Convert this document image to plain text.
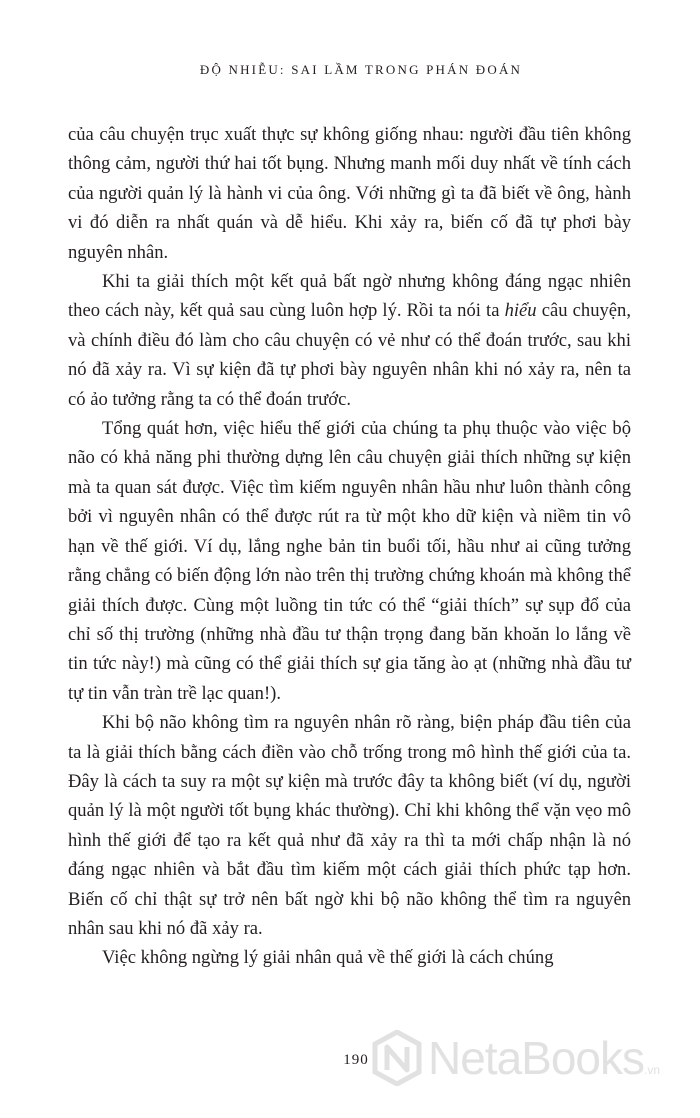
ĐỘ NHIỄU: SAI LẦM TRONG PHÁN ĐOÁN

của câu chuyện trục xuất thực sự không giống nhau: người đầu tiên không thông cảm, người thứ hai tốt bụng. Nhưng manh mối duy nhất về tính cách của người quản lý là hành vi của ông. Với những gì ta đã biết về ông, hành vi đó diễn ra nhất quán và dễ hiểu. Khi xảy ra, biến cố đã tự phơi bày nguyên nhân.

Khi ta giải thích một kết quả bất ngờ nhưng không đáng ngạc nhiên theo cách này, kết quả sau cùng luôn hợp lý. Rồi ta nói ta hiểu câu chuyện, và chính điều đó làm cho câu chuyện có vẻ như có thể đoán trước, sau khi nó đã xảy ra. Vì sự kiện đã tự phơi bày nguyên nhân khi nó xảy ra, nên ta có ảo tưởng rằng ta có thể đoán trước.

Tổng quát hơn, việc hiểu thế giới của chúng ta phụ thuộc vào việc bộ não có khả năng phi thường dựng lên câu chuyện giải thích những sự kiện mà ta quan sát được. Việc tìm kiếm nguyên nhân hầu như luôn thành công bởi vì nguyên nhân có thể được rút ra từ một kho dữ kiện và niềm tin vô hạn về thế giới. Ví dụ, lắng nghe bản tin buổi tối, hầu như ai cũng tưởng rằng chẳng có biến động lớn nào trên thị trường chứng khoán mà không thể giải thích được. Cùng một luồng tin tức có thể “giải thích” sự sụp đổ của chỉ số thị trường (những nhà đầu tư thận trọng đang băn khoăn lo lắng về tin tức này!) mà cũng có thể giải thích sự gia tăng ào ạt (những nhà đầu tư tự tin vẫn tràn trề lạc quan!).

Khi bộ não không tìm ra nguyên nhân rõ ràng, biện pháp đầu tiên của ta là giải thích bằng cách điền vào chỗ trống trong mô hình thế giới của ta. Đây là cách ta suy ra một sự kiện mà trước đây ta không biết (ví dụ, người quản lý là một người tốt bụng khác thường). Chỉ khi không thể vặn vẹo mô hình thế giới để tạo ra kết quả như đã xảy ra thì ta mới chấp nhận là nó đáng ngạc nhiên và bắt đầu tìm kiếm một cách giải thích phức tạp hơn. Biến cố chỉ thật sự trở nên bất ngờ khi bộ não không thể tìm ra nguyên nhân sau khi nó đã xảy ra.

Việc không ngừng lý giải nhân quả về thế giới là cách chúng

190	NetaBooks.vn
